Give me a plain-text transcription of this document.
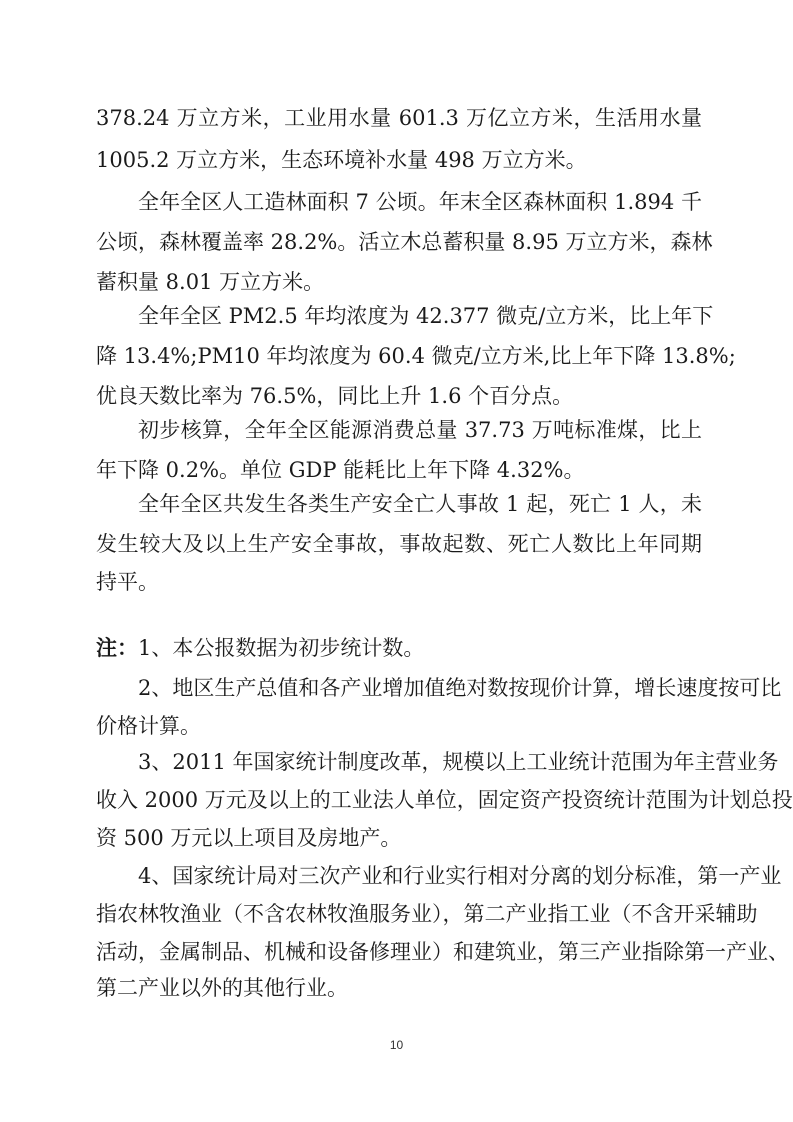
378.24 万立方米，工业用水量 601.3 万亿立方米，生活用水量
1005.2 万立方米，生态环境补水量 498 万立方米。
全年全区人工造林面积 7 公顷。年末全区森林面积 1.894 千
公顷，森林覆盖率 28.2%。活立木总蓄积量 8.95 万立方米，森林
蓄积量 8.01 万立方米。
全年全区 PM2.5 年均浓度为 42.377 微克/立方米，比上年下
降 13.4%;PM10 年均浓度为 60.4 微克/立方米,比上年下降 13.8%;
优良天数比率为 76.5%，同比上升 1.6 个百分点。
初步核算，全年全区能源消费总量 37.73 万吨标准煤，比上
年下降 0.2%。单位 GDP 能耗比上年下降 4.32%。
全年全区共发生各类生产安全亡人事故 1 起，死亡 1 人，未
发生较大及以上生产安全事故，事故起数、死亡人数比上年同期
持平。
注：1、本公报数据为初步统计数。
2、地区生产总值和各产业增加值绝对数按现价计算，增长速度按可比
价格计算。
3、2011 年国家统计制度改革，规模以上工业统计范围为年主营业务
收入 2000 万元及以上的工业法人单位，固定资产投资统计范围为计划总投
资 500 万元以上项目及房地产。
4、国家统计局对三次产业和行业实行相对分离的划分标准，第一产业
指农林牧渔业（不含农林牧渔服务业），第二产业指工业（不含开采辅助
活动，金属制品、机械和设备修理业）和建筑业，第三产业指除第一产业、
第二产业以外的其他行业。
10
